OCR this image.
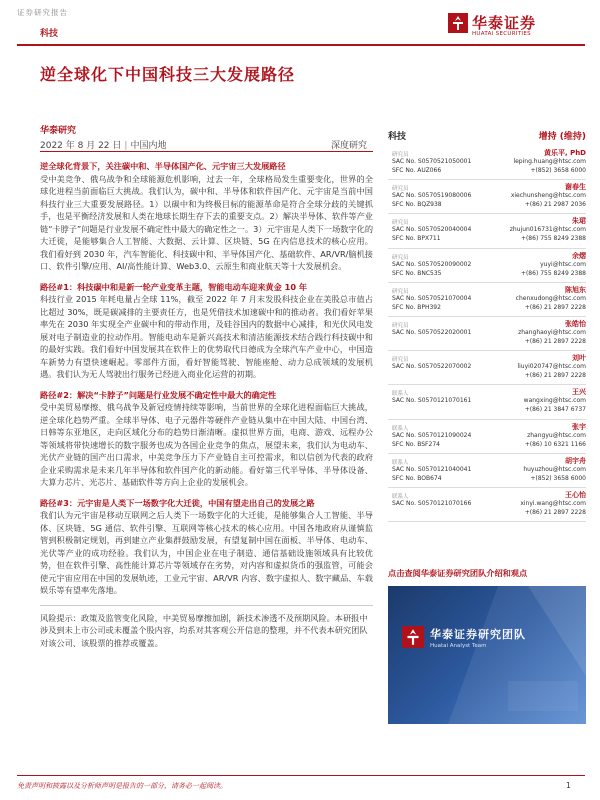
证券研究报告
科技
华泰证券
HUATAI SECURITIES
逆全球化下中国科技三大发展路径
华泰研究
2022 年 8 月 22 日 | 中国内地	深度研究
逆全球化背景下，关注碳中和、半导体国产化、元宇宙三大发展路径
受中美竞争、俄乌战争和全球能源危机影响，过去一年，全球格局发生重要变化，世界的全球化进程当前面临巨大挑战。我们认为，碳中和、半导体和软件国产化、元宇宙是当前中国科技行业三大重要发展路径。1）以碳中和为终极目标的能源革命是符合全球分歧的关键抓手，也是平衡经济发展和人类在地球长期生存下去的重要支点。2）解决半导体、软件等产业链“卡脖子”问题是行业发展不确定性中最大的确定性之一。3）元宇宙是人类下一场数字化的大迁徙，是能够集合人工智能、大数据、云计算、区块链、5G 在内信息技术的核心应用。我们看好到 2030 年，汽车智能化、科技碳中和、半导体国产化、基础软件、AR/VR/脑机接口、软件引擎/应用、AI/高性能计算、Web3.0、云原生和商业航天等十大发展机会。
路径#1：科技碳中和是新一轮产业变革主题，智能电动车迎来黄金 10 年
科技行业 2015 年耗电量占全球 11%，截至 2022 年 7 月末发股科技企业在美股总市值占比超过 30%，既是碳减排的主要责任方，也是凭借技术加速碳中和的推动者。我们看好苹果率先在 2030 年实现全产业碳中和的带动作用，及硅谷国内的数据中心减排，和光伏风电发展对电子制造业的拉动作用。智能电动车是新兴高技术和清洁能源技术结合践行科技碳中和的最好实践。我们看好中国发展其在软件上的优势取代日德成为全球汽车产业中心，中国造车新势力有望快速崛起。零部件方面，看好智能驾驶、智能座舱、动力总成领域的发展机遇。我们认为无人驾驶出行服务已经进入商业化运营的初期。
路径#2：解决“卡脖子”问题是行业发展不确定性中最大的确定性
受中美贸易摩擦、俄乌战争及新冠疫情持续等影响，当前世界的全球化进程面临巨大挑战，逆全球化趋势严重。全球半导体、电子元器件等硬件产业链从集中在中国大陆、中国台湾、日韩等东亚地区，走向区域化分布的趋势日渐清晰。虚拟世界方面，电商、游戏、远程办公等领域将带快速增长的数字服务也成为各国企业竞争的焦点，展望未来，我们认为电动车、光伏产业链的国产出口需求，中美竞争压力下产业链自主可控需求，和以信创为代表的政府企业采购需求是未来几年半导体和软件国产化的新动能。看好第三代半导体、半导体设备、大算力芯片、光芯片、基础软件等方向上企业的发展机会。
路径#3：元宇宙是人类下一场数字化大迁徙，中国有望走出自己的发展之路
我们认为元宇宙是移动互联网之后人类下一场数字化的大迁徙，是能够集合人工智能、半导体、区块链、5G 通信、软件引擎、互联网等核心技术的核心应用。中国各地政府从谨慎监管到积极制定规划，再到建立产业集群鼓励发展，有望复制中国在面板、半导体、电动车、光伏等产业的成功经验。我们认为，中国企业在电子制造、通信基础设施领域具有比较优势，但在软件引擎、高性能计算芯片等领域存在劣势，对内容和虚拟货币的强监管，可能会使元宇宙应用在中国的发展轨迹，工业元宇宙、AR/VR 内容、数字虚拟人、数字藏品、车载娱乐等有望率先落地。
风险提示：政策及监管变化风险，中美贸易摩擦加剧，新技术渗透不及预期风险。本研报中涉及到未上市公司或未覆盖个股内容，均系对其客观公开信息的整理，并不代表本研究团队对该公司、该股票的推荐或覆盖。
科技	增持 (维持)
研究员	黄乐平, PhD
SAC No. S0570521050001	leping.huang@htsc.com
SFC No. AUZ066	+(852) 3658 6000
研究员	谢春生
SAC No. S0570519080006	xiechunsheng@htsc.com
SFC No. BQZ938	+(86) 21 2987 2036
研究员	朱珺
SAC No. S0570520040004	zhujun016731@htsc.com
SFC No. BPX711	+(86) 755 8249 2388
研究员	余熠
SAC No. S0570520090002	yuyi@htsc.com
SFC No. BNC535	+(86) 755 8249 2388
研究员	陈旭东
SAC No. S0570521070004	chenxudong@htsc.com
SFC No. BPH392	+(86) 21 2897 2228
研究员	张皓怡
SAC No. S0570522020001	zhanghaoyi@htsc.com
+(86) 21 2897 2228
研究员	刘叶
SAC No. S0570522070002	liuyi020747@htsc.com
+(86) 21 2897 2228
联系人	王兴
SAC No. S0570121070161	wangxing@htsc.com
+(86) 21 3847 6737
联系人	张宇
SAC No. S0570121090024	zhangyu@htsc.com
SFC No. BSF274	+(86) 10 6321 1166
联系人	胡宇舟
SAC No. S0570121040041	huyuzhou@htsc.com
SFC No. BOB674	+(852) 3658 6000
联系人	王心怡
SAC No. S0570121070166	xinyi.wang@htsc.com
+(86) 21 2897 2228
点击查阅华泰证券研究团队介绍和观点
华泰证券研究团队
Huatai Analyst Team
免责声明和披露以及分析师声明是报告的一部分，请务必一起阅读。	1
